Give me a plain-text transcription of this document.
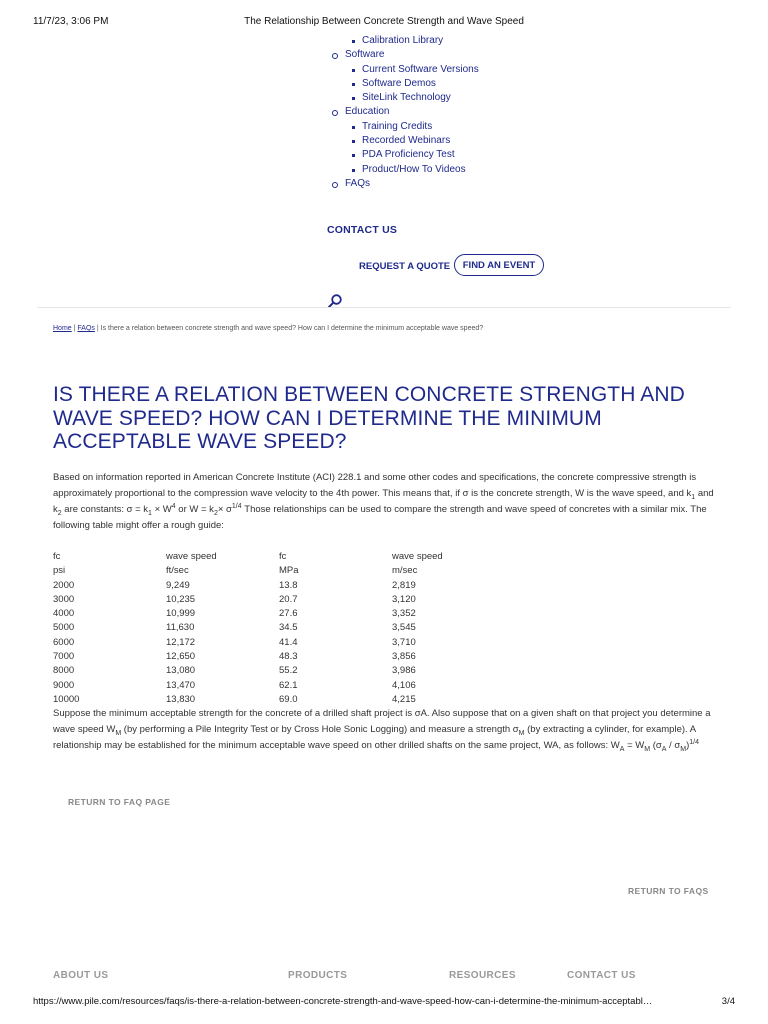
11/7/23, 3:06 PM	The Relationship Between Concrete Strength and Wave Speed
Calibration Library
Software
Current Software Versions
Software Demos
SiteLink Technology
Education
Training Credits
Recorded Webinars
PDA Proficiency Test
Product/How To Videos
FAQs
CONTACT US
REQUEST A QUOTE	FIND AN EVENT
Home | FAQs | Is there a relation between concrete strength and wave speed? How can I determine the minimum acceptable wave speed?
IS THERE A RELATION BETWEEN CONCRETE STRENGTH AND WAVE SPEED? HOW CAN I DETERMINE THE MINIMUM ACCEPTABLE WAVE SPEED?

Based on information reported in American Concrete Institute (ACI) 228.1 and some other codes and specifications, the concrete compressive strength is approximately proportional to the compression wave velocity to the 4th power. This means that, if σ is the concrete strength, W is the wave speed, and $k_1$ and $k_2$ are constants: $\sigma = k_1 \times W^4$ or $W = k_2\times \sigma^{1/4}$ Those relationships can be used to compare the strength and wave speed of concretes with a similar mix. The following table might offer a rough guide:

fc	wave speed	fc	wave speed
psi	ft/sec	MPa	m/sec
2000	9,249	13.8	2,819
3000	10,235	20.7	3,120
4000	10,999	27.6	3,352
5000	11,630	34.5	3,545
6000	12,172	41.4	3,710
7000	12,650	48.3	3,856
8000	13,080	55.2	3,986
9000	13,470	62.1	4,106
10000	13,830	69.0	4,215

Suppose the minimum acceptable strength for the concrete of a drilled shaft project is σA. Also suppose that on a given shaft on that project you determine a wave speed $W_M$ (by performing a Pile Integrity Test or by Cross Hole Sonic Logging) and measure a strength $\sigma_M$ (by extracting a cylinder, for example). A relationship may be established for the minimum acceptable wave speed on other drilled shafts on the same project, WA, as follows: $W_A = W_M$ $(\sigma_A / \sigma_M)^{1/4}$

RETURN TO FAQ PAGE
RETURN TO FAQS
ABOUT US	PRODUCTS	RESOURCES	CONTACT US
https://www.pile.com/resources/faqs/is-there-a-relation-between-concrete-strength-and-wave-speed-how-can-i-determine-the-minimum-acceptabl…	3/4
